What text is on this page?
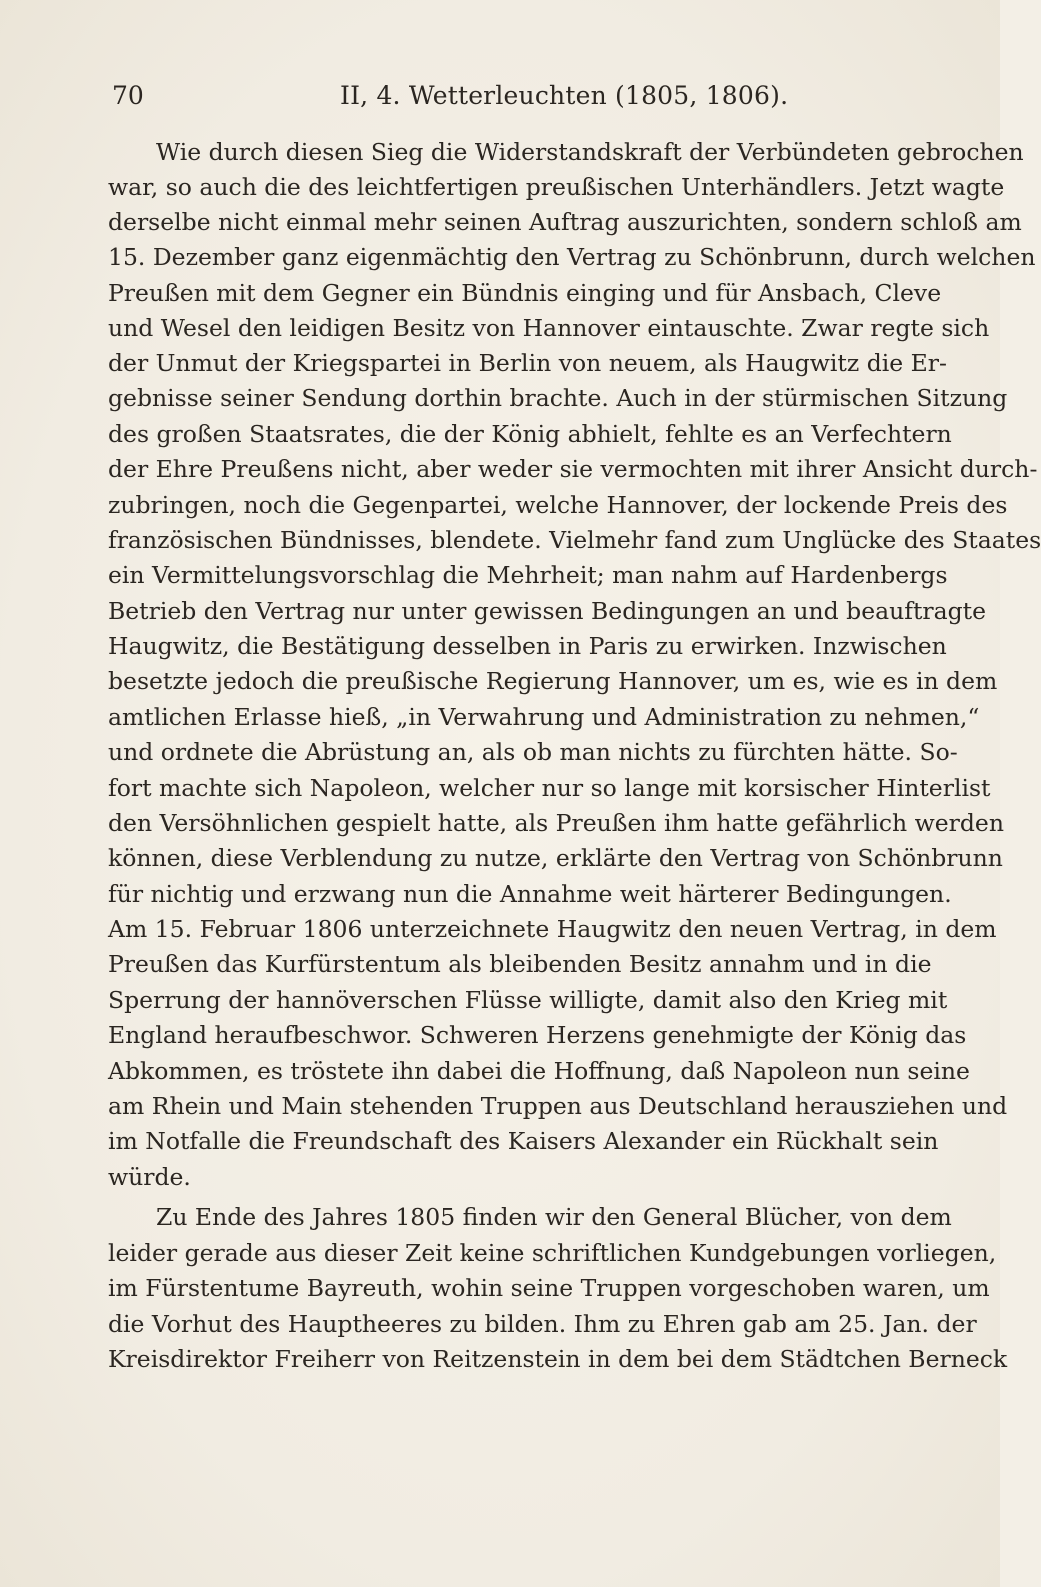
70	II, 4. Wetterleuchten (1805, 1806).
Wie durch diesen Sieg die Widerstandskraft der Verbündeten gebrochen
war, so auch die des leichtfertigen preußischen Unterhändlers. Jetzt wagte
derselbe nicht einmal mehr seinen Auftrag auszurichten, sondern schloß am
15. Dezember ganz eigenmächtig den Vertrag zu Schönbrunn, durch welchen
Preußen mit dem Gegner ein Bündnis einging und für Ansbach, Cleve
und Wesel den leidigen Besitz von Hannover eintauschte. Zwar regte sich
der Unmut der Kriegspartei in Berlin von neuem, als Haugwitz die Er-
gebnisse seiner Sendung dorthin brachte. Auch in der stürmischen Sitzung
des großen Staatsrates, die der König abhielt, fehlte es an Verfechtern
der Ehre Preußens nicht, aber weder sie vermochten mit ihrer Ansicht durch-
zubringen, noch die Gegenpartei, welche Hannover, der lockende Preis des
französischen Bündnisses, blendete. Vielmehr fand zum Unglücke des Staates
ein Vermittelungsvorschlag die Mehrheit; man nahm auf Hardenbergs
Betrieb den Vertrag nur unter gewissen Bedingungen an und beauftragte
Haugwitz, die Bestätigung desselben in Paris zu erwirken. Inzwischen
besetzte jedoch die preußische Regierung Hannover, um es, wie es in dem
amtlichen Erlasse hieß, „in Verwahrung und Administration zu nehmen,“
und ordnete die Abrüstung an, als ob man nichts zu fürchten hätte. So-
fort machte sich Napoleon, welcher nur so lange mit korsischer Hinterlist
den Versöhnlichen gespielt hatte, als Preußen ihm hatte gefährlich werden
können, diese Verblendung zu nutze, erklärte den Vertrag von Schönbrunn
für nichtig und erzwang nun die Annahme weit härterer Bedingungen.
Am 15. Februar 1806 unterzeichnete Haugwitz den neuen Vertrag, in dem
Preußen das Kurfürstentum als bleibenden Besitz annahm und in die
Sperrung der hannöverschen Flüsse willigte, damit also den Krieg mit
England heraufbeschwor. Schweren Herzens genehmigte der König das
Abkommen, es tröstete ihn dabei die Hoffnung, daß Napoleon nun seine
am Rhein und Main stehenden Truppen aus Deutschland herausziehen und
im Notfalle die Freundschaft des Kaisers Alexander ein Rückhalt sein
würde.
Zu Ende des Jahres 1805 finden wir den General Blücher, von dem
leider gerade aus dieser Zeit keine schriftlichen Kundgebungen vorliegen,
im Fürstentume Bayreuth, wohin seine Truppen vorgeschoben waren, um
die Vorhut des Hauptheeres zu bilden. Ihm zu Ehren gab am 25. Jan. der
Kreisdirektor Freiherr von Reitzenstein in dem bei dem Städtchen Berneck
